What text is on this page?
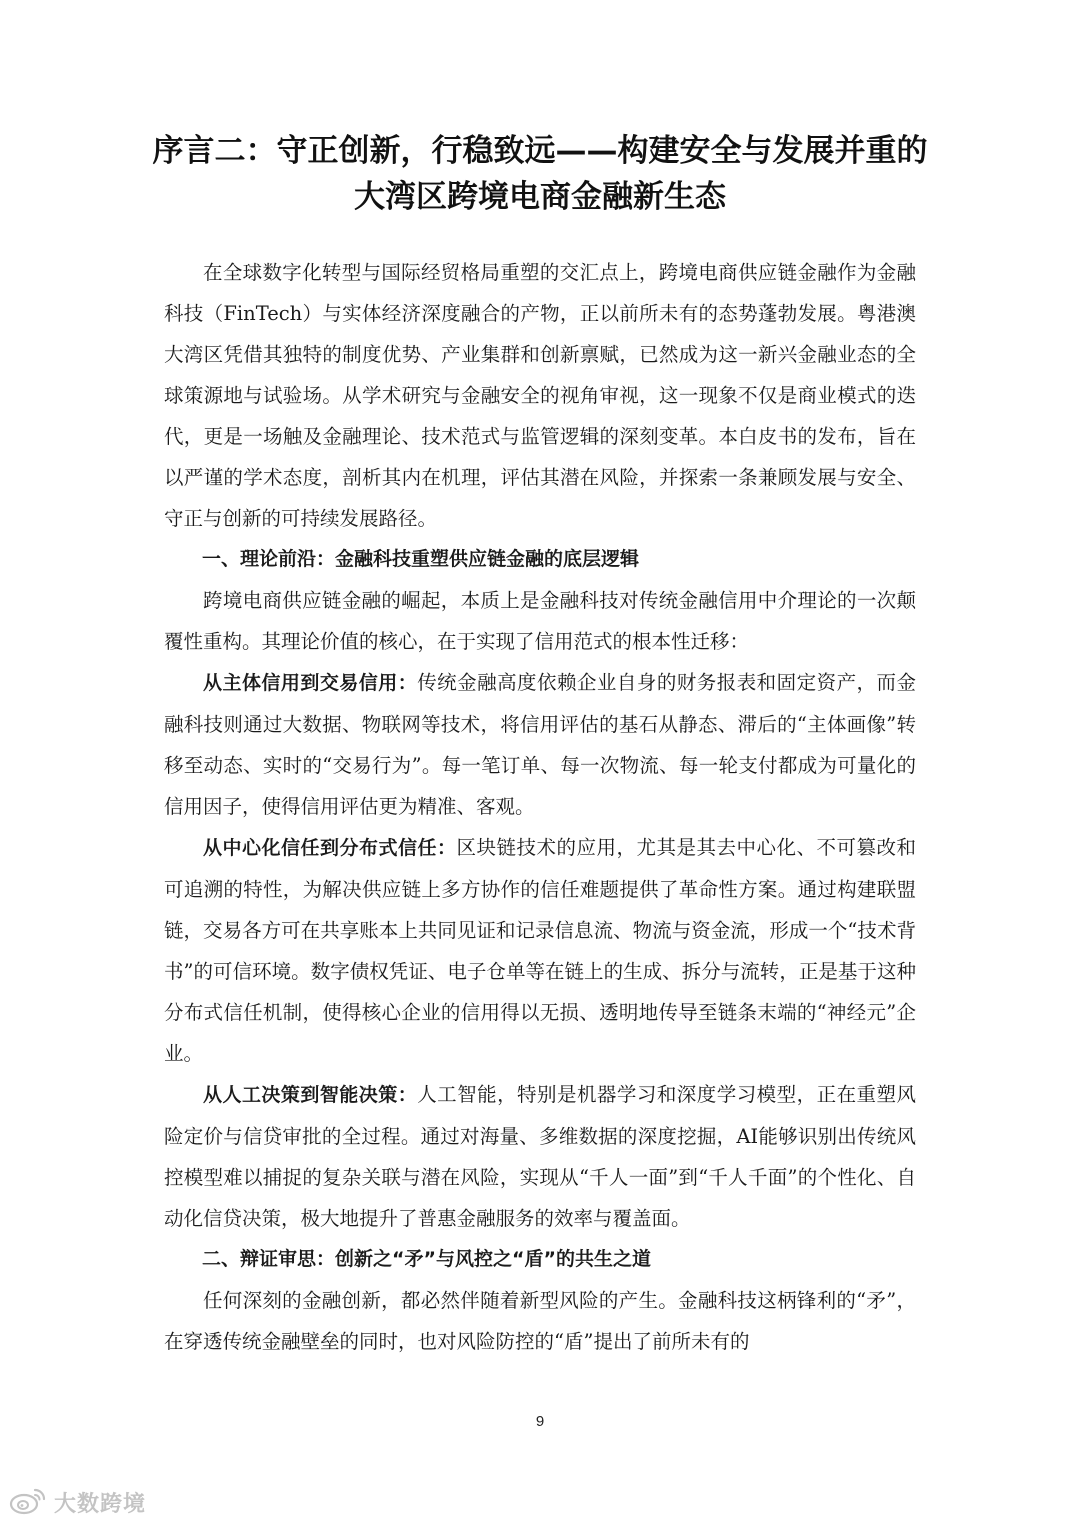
序言二：守正创新，行稳致远——构建安全与发展并重的
大湾区跨境电商金融新生态

在全球数字化转型与国际经贸格局重塑的交汇点上，跨境电商供应链金融作为金融科技（FinTech）与实体经济深度融合的产物，正以前所未有的态势蓬勃发展。粤港澳大湾区凭借其独特的制度优势、产业集群和创新禀赋，已然成为这一新兴金融业态的全球策源地与试验场。从学术研究与金融安全的视角审视，这一现象不仅是商业模式的迭代，更是一场触及金融理论、技术范式与监管逻辑的深刻变革。本白皮书的发布，旨在以严谨的学术态度，剖析其内在机理，评估其潜在风险，并探索一条兼顾发展与安全、守正与创新的可持续发展路径。

一、理论前沿：金融科技重塑供应链金融的底层逻辑

跨境电商供应链金融的崛起，本质上是金融科技对传统金融信用中介理论的一次颠覆性重构。其理论价值的核心，在于实现了信用范式的根本性迁移：

从主体信用到交易信用：传统金融高度依赖企业自身的财务报表和固定资产，而金融科技则通过大数据、物联网等技术，将信用评估的基石从静态、滞后的“主体画像”转移至动态、实时的“交易行为”。每一笔订单、每一次物流、每一轮支付都成为可量化的信用因子，使得信用评估更为精准、客观。

从中心化信任到分布式信任：区块链技术的应用，尤其是其去中心化、不可篡改和可追溯的特性，为解决供应链上多方协作的信任难题提供了革命性方案。通过构建联盟链，交易各方可在共享账本上共同见证和记录信息流、物流与资金流，形成一个“技术背书”的可信环境。数字债权凭证、电子仓单等在链上的生成、拆分与流转，正是基于这种分布式信任机制，使得核心企业的信用得以无损、透明地传导至链条末端的“神经元”企业。

从人工决策到智能决策：人工智能，特别是机器学习和深度学习模型，正在重塑风险定价与信贷审批的全过程。通过对海量、多维数据的深度挖掘，AI能够识别出传统风控模型难以捕捉的复杂关联与潜在风险，实现从“千人一面”到“千人千面”的个性化、自动化信贷决策，极大地提升了普惠金融服务的效率与覆盖面。

二、辩证审思：创新之“矛”与风控之“盾”的共生之道

任何深刻的金融创新，都必然伴随着新型风险的产生。金融科技这柄锋利的“矛”，在穿透传统金融壁垒的同时，也对风险防控的“盾”提出了前所未有的

9
大数跨境
